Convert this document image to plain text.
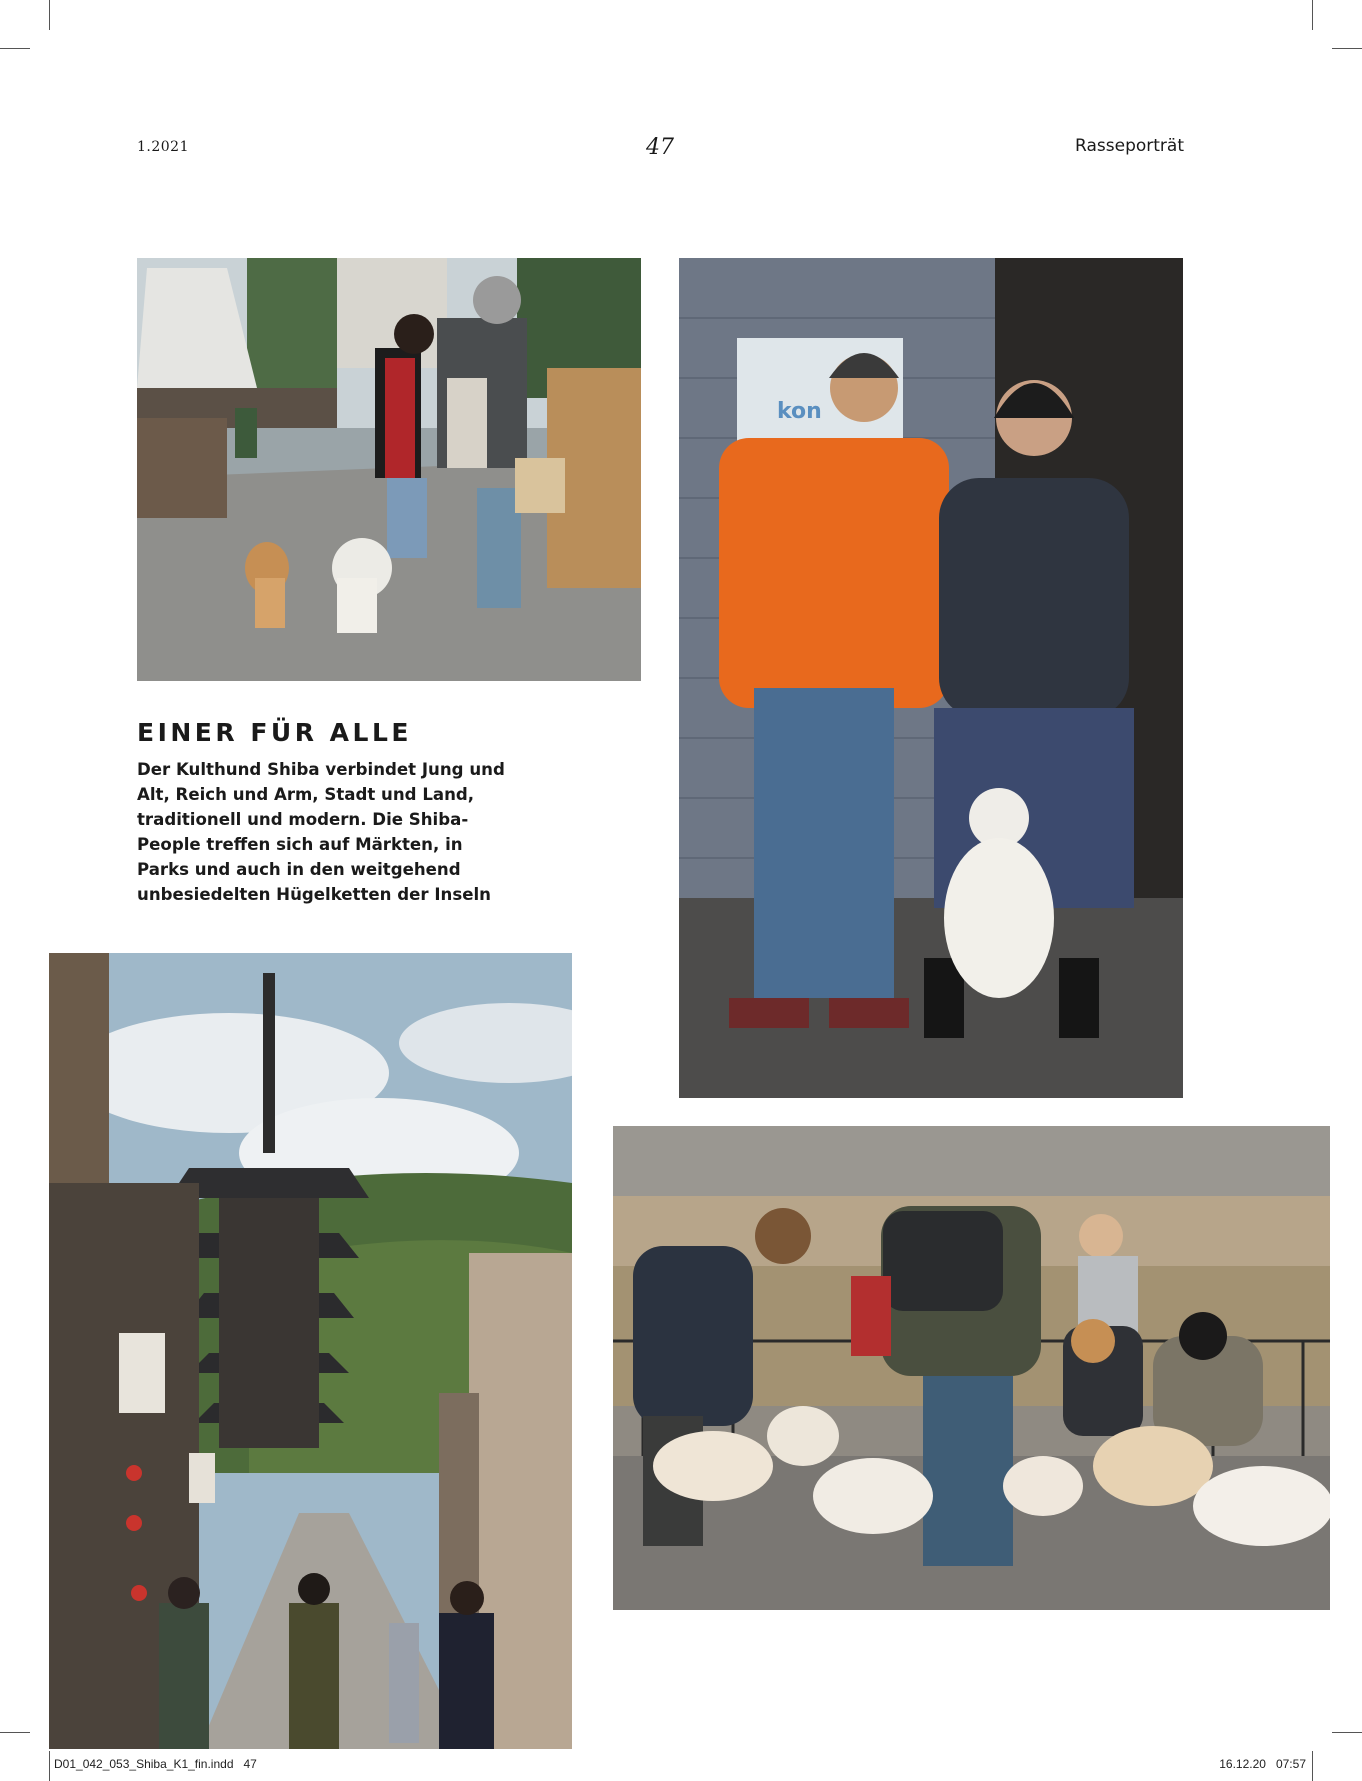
1.2021	47	Rasseporträt
kon
EINER FÜR ALLE

Der Kulthund Shiba verbindet Jung und Alt, Reich und Arm, Stadt und Land, traditionell und modern. Die Shiba-People treffen sich auf Märkten, in Parks und auch in den weitgehend unbesiedelten Hügelketten der Inseln

D01_042_053_Shiba_K1_fin.indd   47	16.12.20   07:57
